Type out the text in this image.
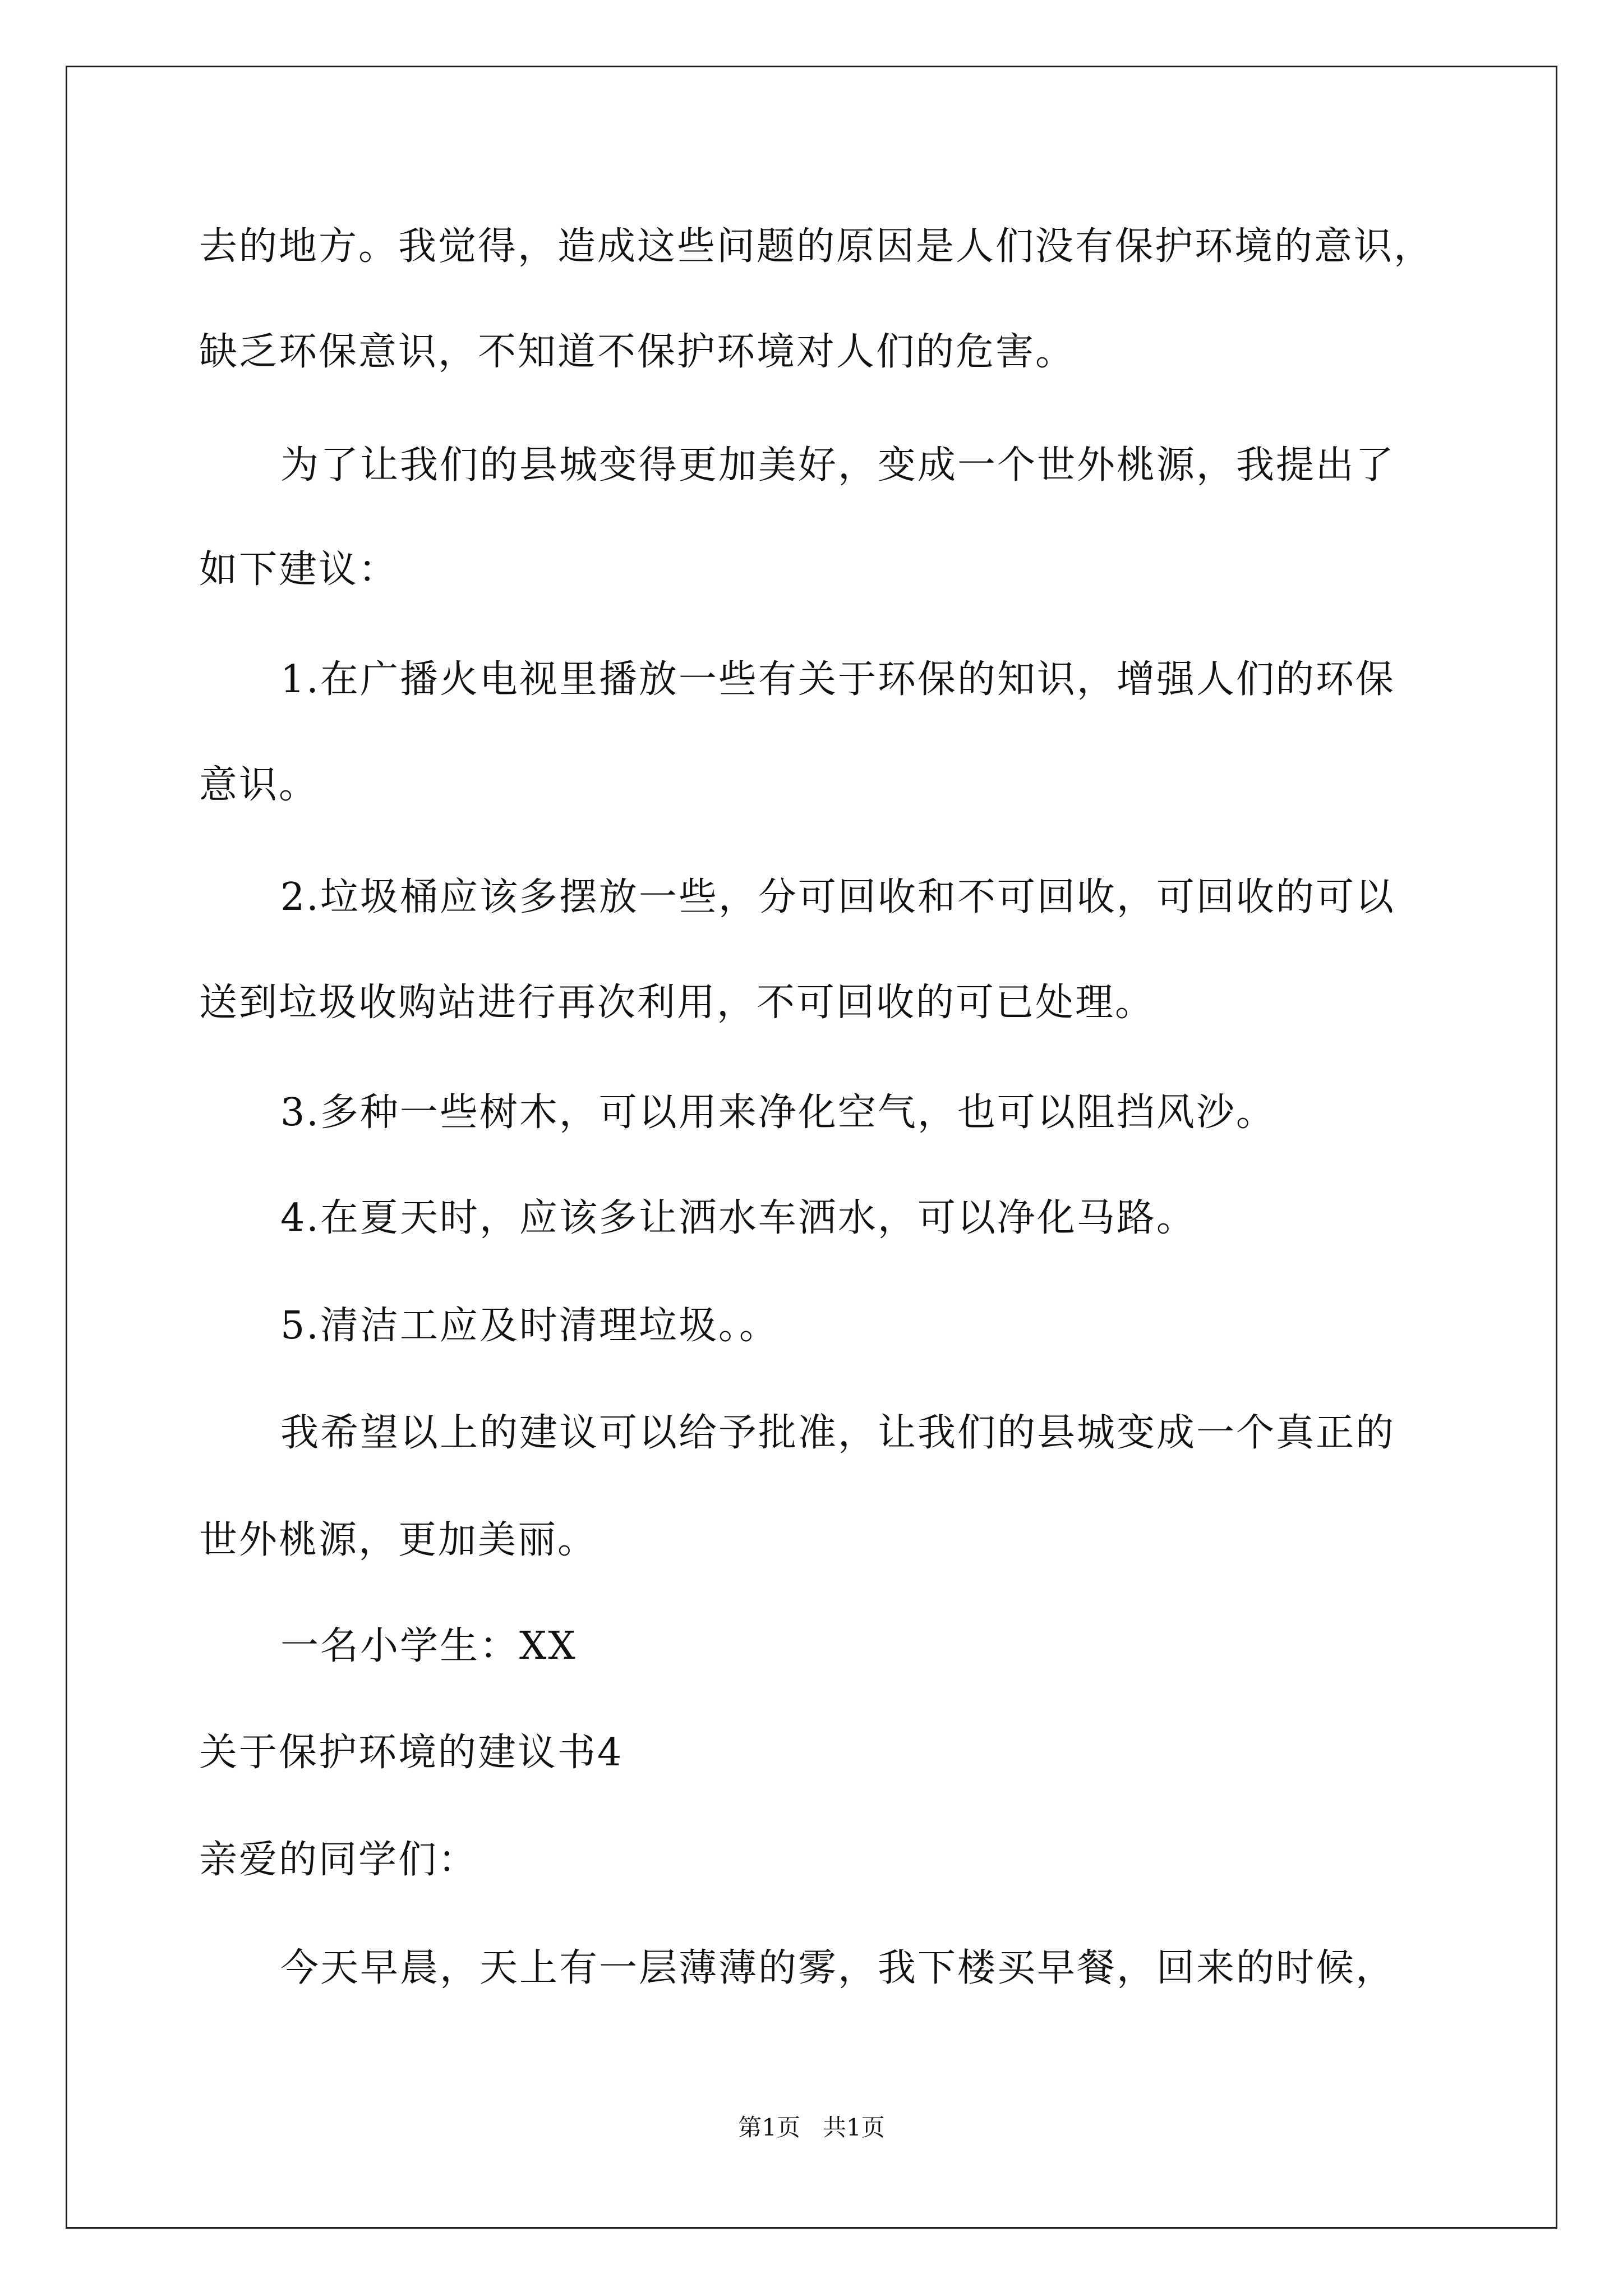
去的地方。我觉得，造成这些问题的原因是人们没有保护环境的意识，
缺乏环保意识，不知道不保护环境对人们的危害。
为了让我们的县城变得更加美好，变成一个世外桃源，我提出了
如下建议：
1.在广播火电视里播放一些有关于环保的知识，增强人们的环保
意识。
2.垃圾桶应该多摆放一些，分可回收和不可回收，可回收的可以
送到垃圾收购站进行再次利用，不可回收的可已处理。
3.多种一些树木，可以用来净化空气，也可以阻挡风沙。
4.在夏天时，应该多让洒水车洒水，可以净化马路。
5.清洁工应及时清理垃圾。。
我希望以上的建议可以给予批准，让我们的县城变成一个真正的
世外桃源，更加美丽。
一名小学生：XX
关于保护环境的建议书4
亲爱的同学们：
今天早晨，天上有一层薄薄的雾，我下楼买早餐，回来的时候，
第1页   共1页
